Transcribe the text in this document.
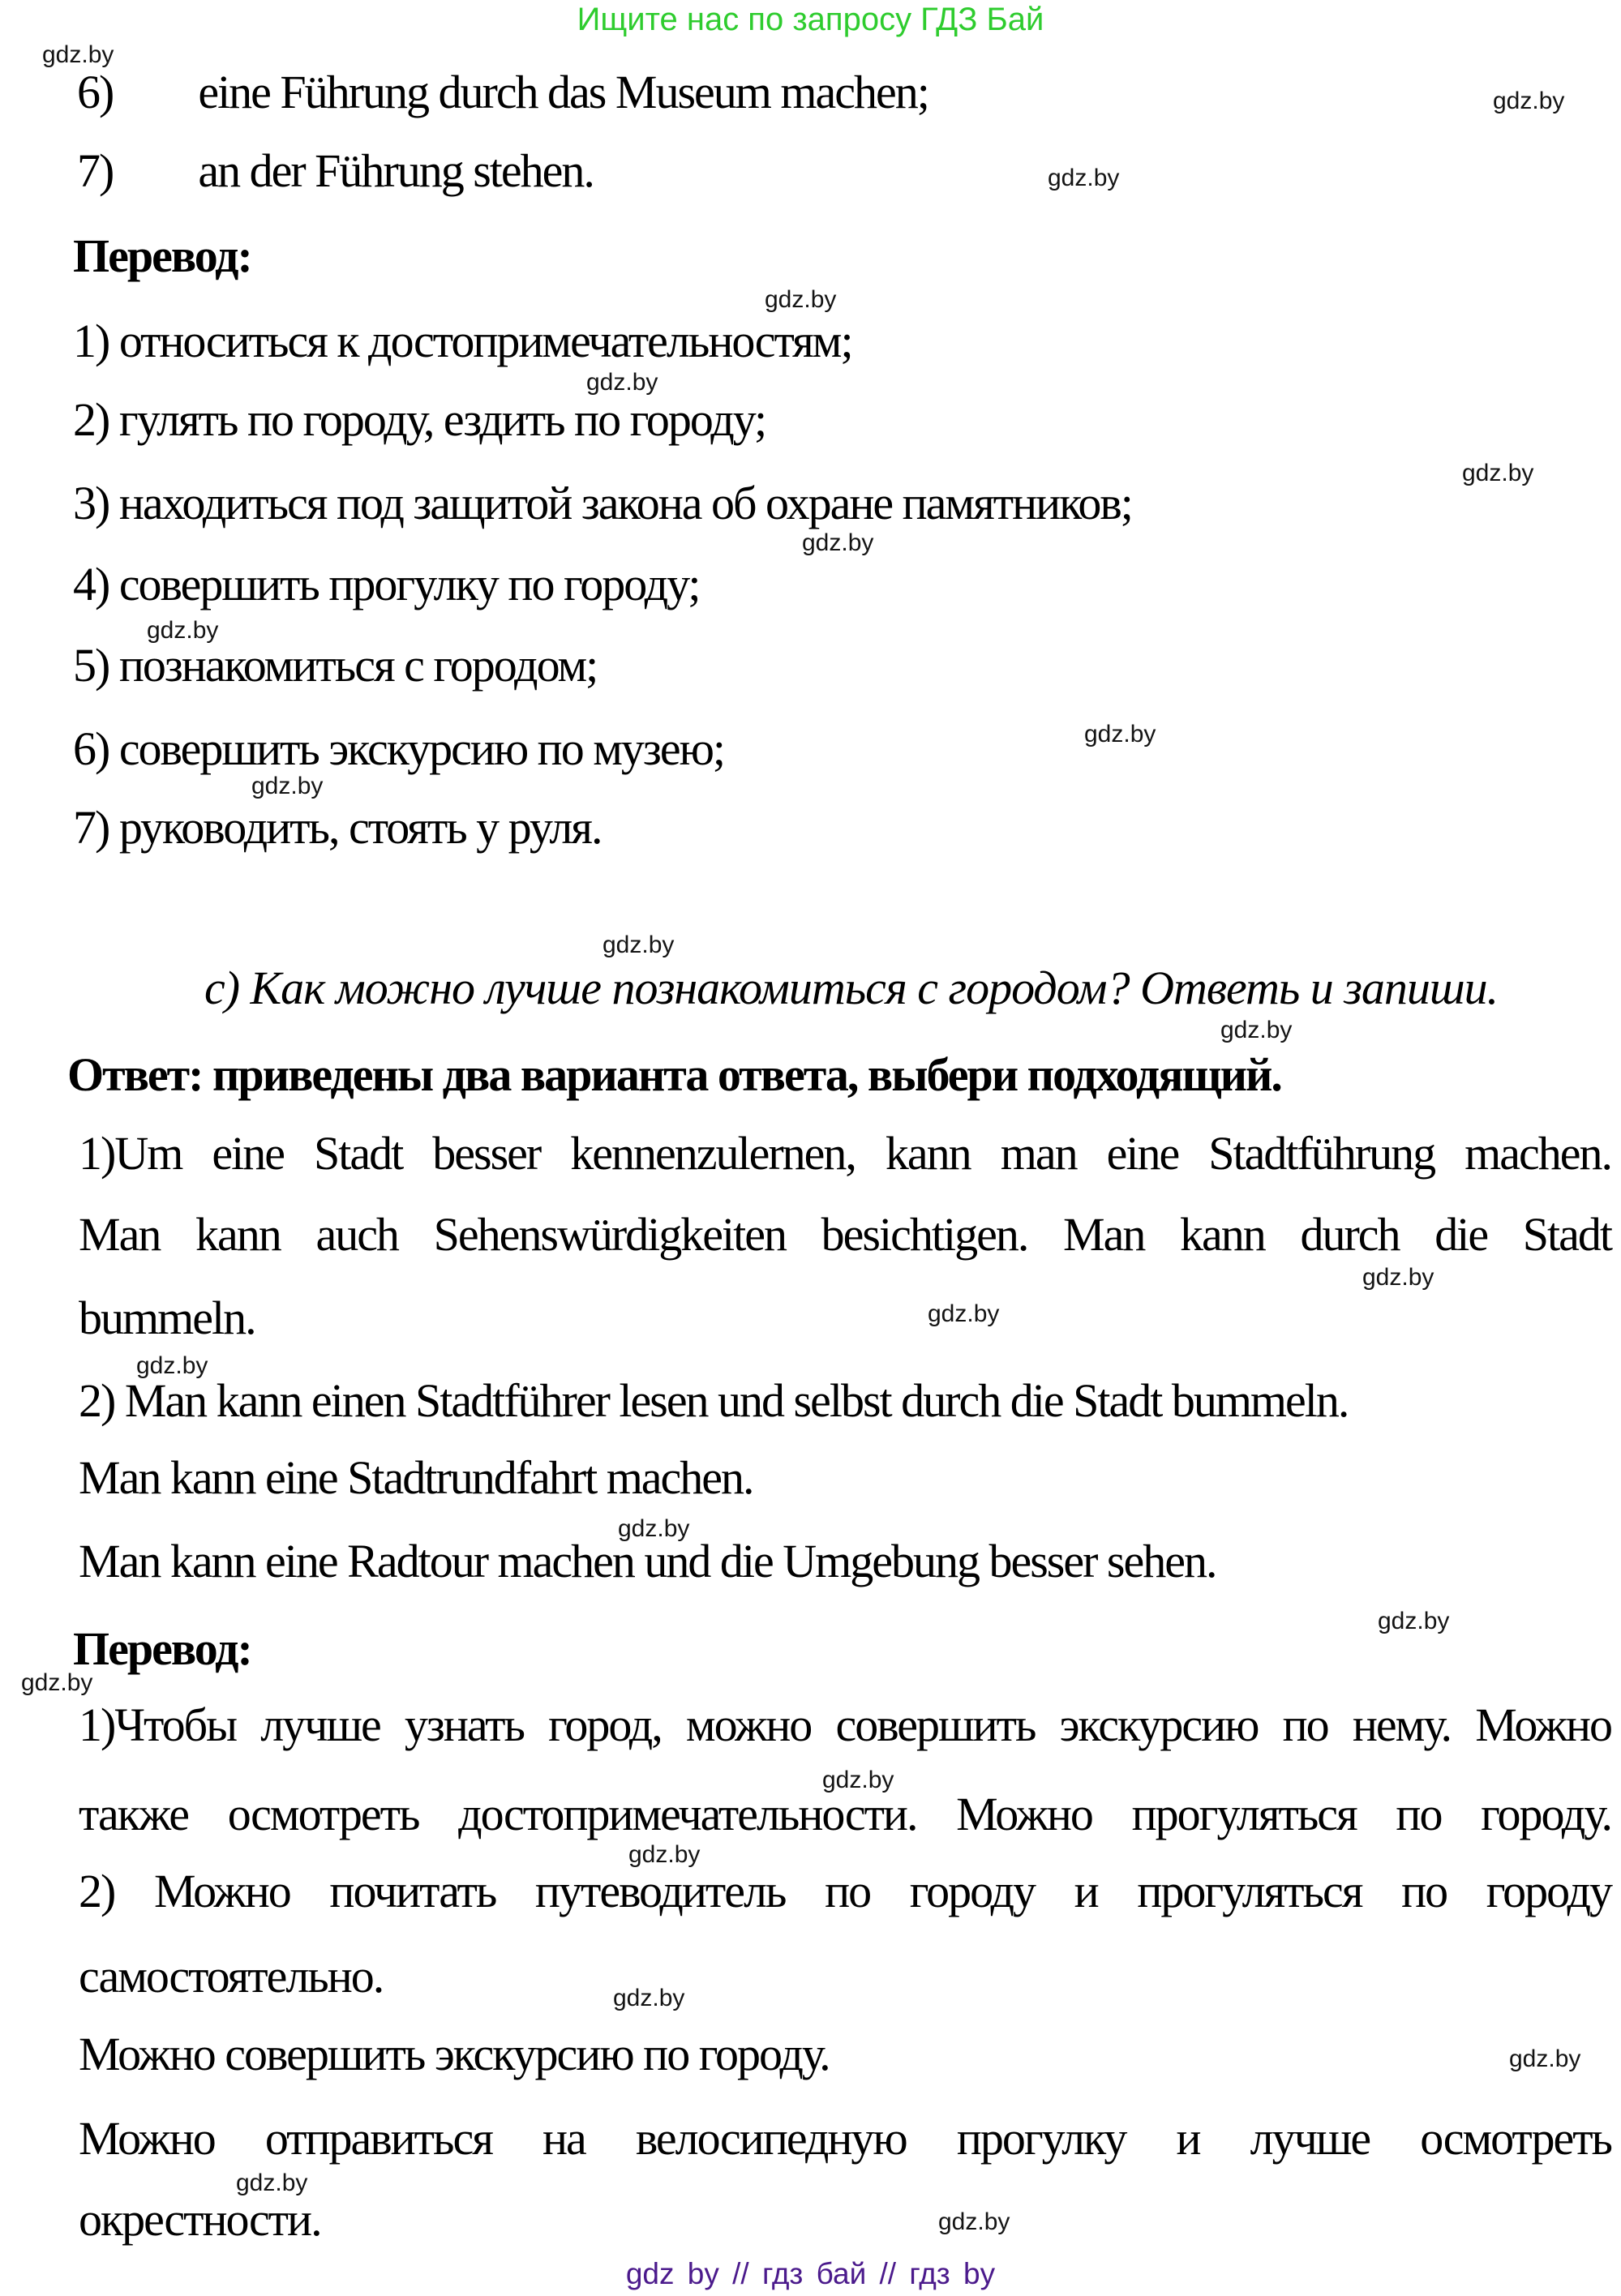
Ищите нас по запросу ГДЗ Бай
6) eine Führung durch das Museum machen;
7) an der Führung stehen.
Перевод:
1) относиться к достопримечательностям;
2) гулять по городу, ездить по городу;
3) находиться под защитой закона об охране памятников;
4) совершить прогулку по городу;
5) познакомиться с городом;
6) совершить экскурсию по музею;
7) руководить, стоять у руля.
с) Как можно лучше познакомиться с городом? Ответь и запиши.
Ответ: приведены два варианта ответа, выбери подходящий.
1)Um eine Stadt besser kennenzulernen, kann man eine Stadtführung machen.
Man kann auch Sehenswürdigkeiten besichtigen. Man kann durch die Stadt
bummeln.
2) Man kann einen Stadtführer lesen und selbst durch die Stadt bummeln.
Man kann eine Stadtrundfahrt machen.
Man kann eine Radtour machen und die Umgebung besser sehen.
Перевод:
1)Чтобы лучше узнать город, можно совершить экскурсию по нему. Можно
также осмотреть достопримечательности. Можно прогуляться по городу.
2) Можно почитать путеводитель по городу и прогуляться по городу
самостоятельно.
Можно совершить экскурсию по городу.
Можно отправиться на велосипедную прогулку и лучше осмотреть
окрестности.
gdz.by
gdz.by
gdz.by
gdz.by
gdz.by
gdz.by
gdz.by
gdz.by
gdz.by
gdz.by
gdz.by
gdz.by
gdz.by
gdz.by
gdz.by
gdz.by
gdz.by
gdz.by
gdz.by
gdz.by
gdz.by
gdz.by
gdz.by
gdz.by
gdz by // гдз бай // гдз by
